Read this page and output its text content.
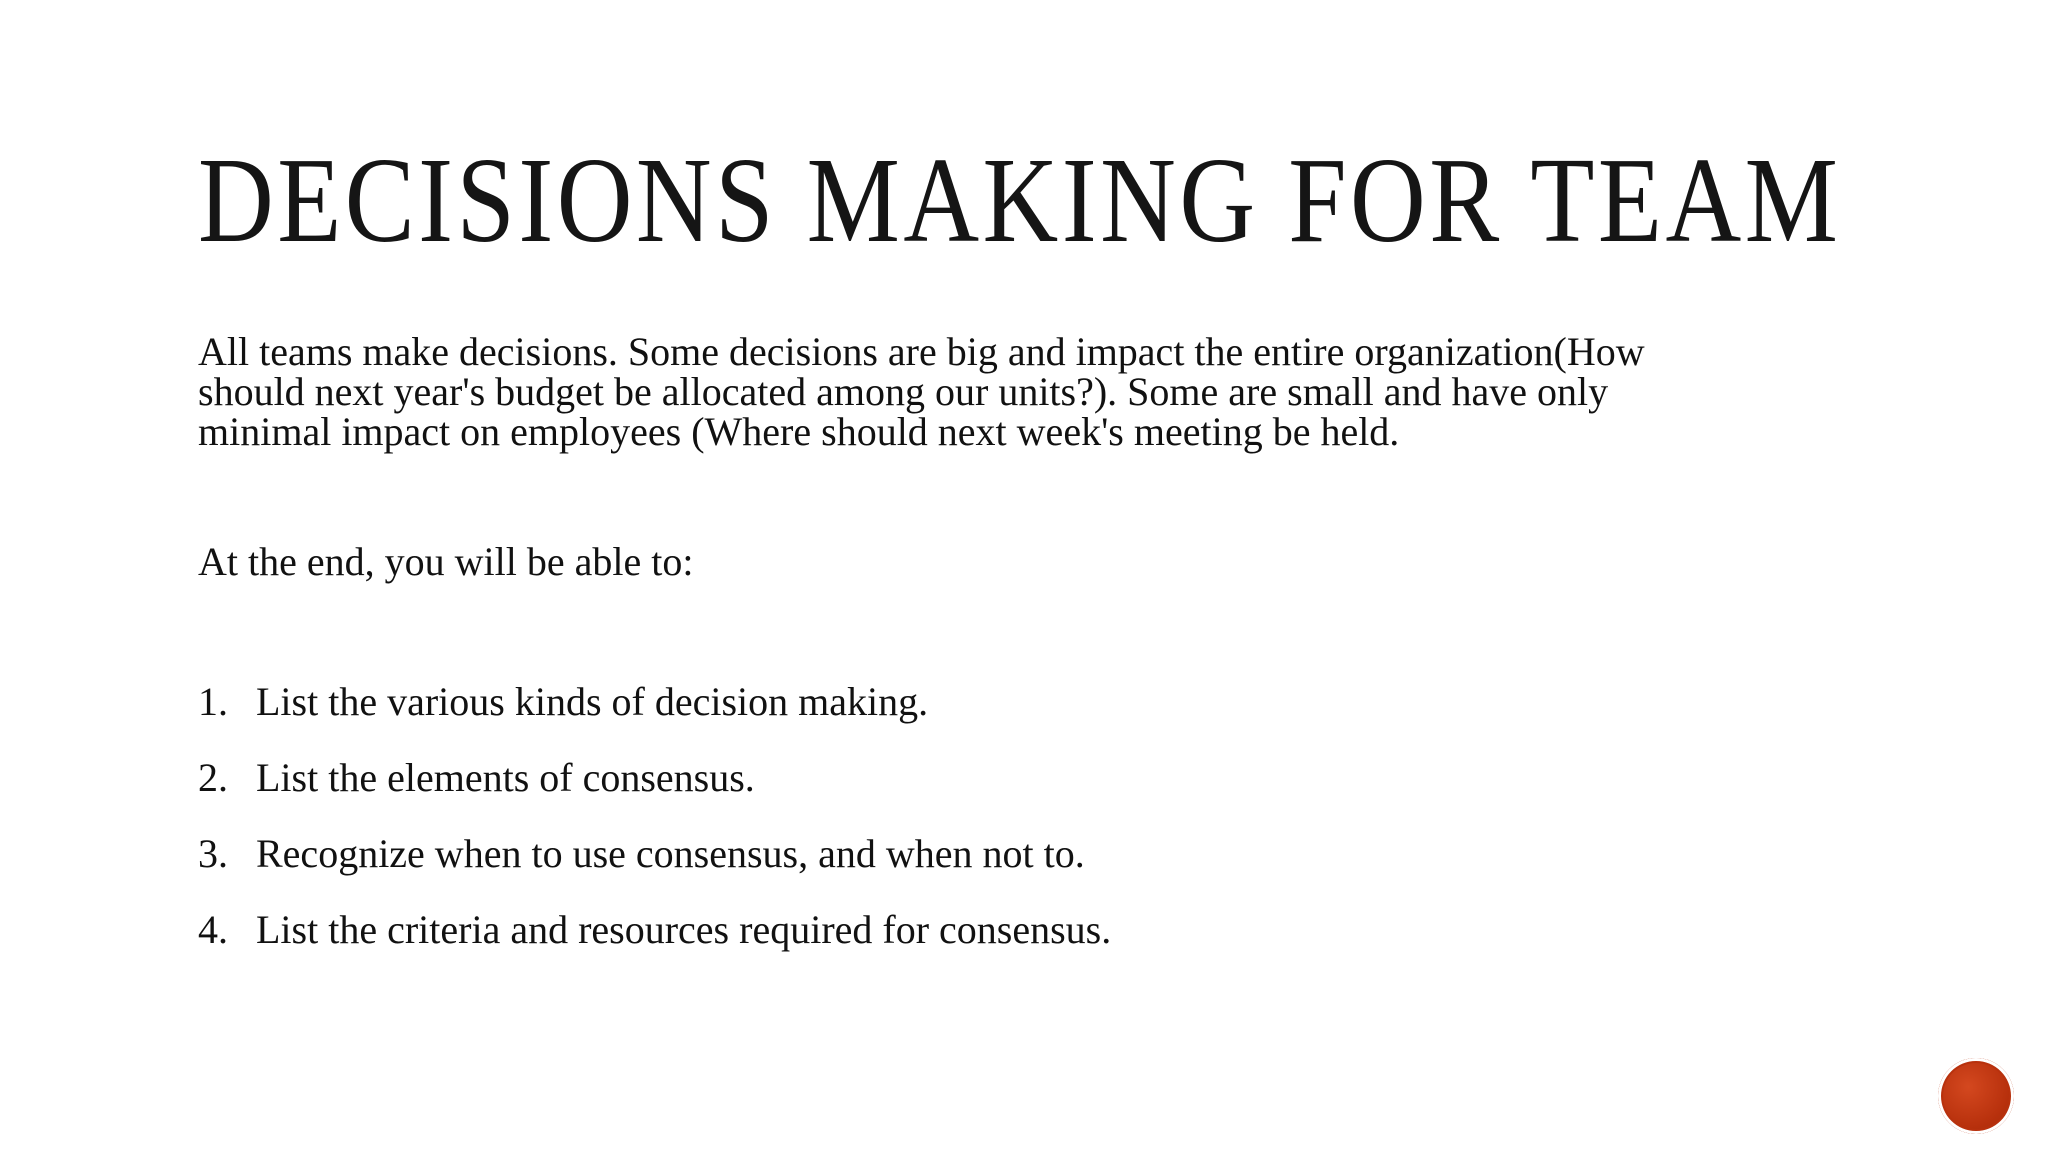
DECISIONS MAKING FOR TEAM
All teams make decisions. Some decisions are big and impact the entire organization(How
should next year's budget be allocated among our units?). Some are small and have only
minimal impact on employees (Where should next week's meeting be held.

At the end, you will be able to:

1. List the various kinds of decision making.
2. List the elements of consensus.
3. Recognize when to use consensus, and when not to.
4. List the criteria and resources required for consensus.
